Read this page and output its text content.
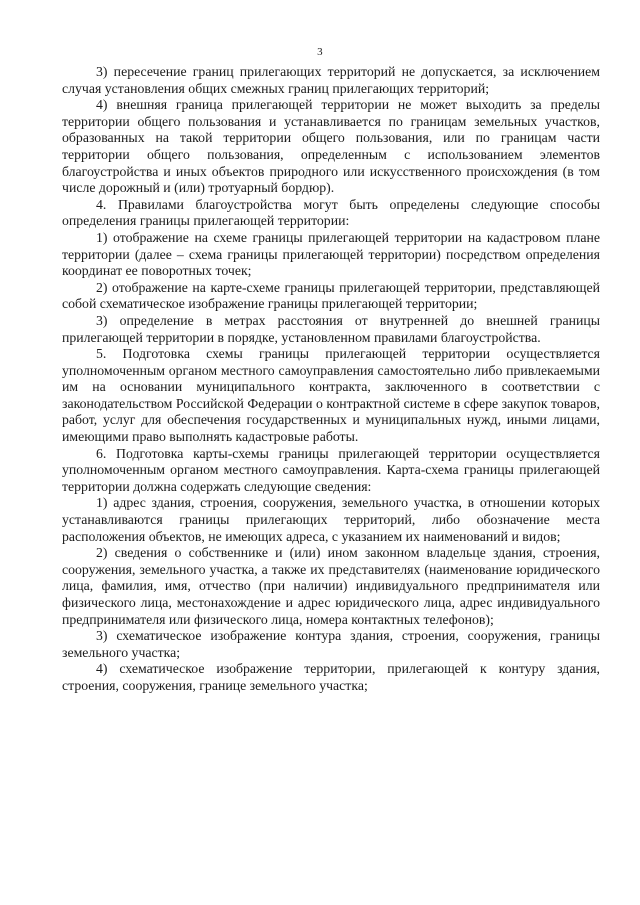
3

3) пересечение границ прилегающих территорий не допускается, за исключением случая установления общих смежных границ прилегающих территорий;

4) внешняя граница прилегающей территории не может выходить за пределы территории общего пользования и устанавливается по границам земельных участков, образованных на такой территории общего пользования, или по границам части территории общего пользования, определенным с использованием элементов благоустройства и иных объектов природного или искусственного происхождения (в том числе дорожный и (или) тротуарный бордюр).

4. Правилами благоустройства могут быть определены следующие способы определения границы прилегающей территории:

1) отображение на схеме границы прилегающей территории на кадастровом плане территории (далее – схема границы прилегающей территории) посредством определения координат ее поворотных точек;

2) отображение на карте-схеме границы прилегающей территории, представляющей собой схематическое изображение границы прилегающей территории;

3) определение в метрах расстояния от внутренней до внешней границы прилегающей территории в порядке, установленном правилами благоустройства.

5. Подготовка схемы границы прилегающей территории осуществляется уполномоченным органом местного самоуправления самостоятельно либо привлекаемыми им на основании муниципального контракта, заключенного в соответствии с законодательством Российской Федерации о контрактной системе в сфере закупок товаров, работ, услуг для обеспечения государственных и муниципальных нужд, иными лицами, имеющими право выполнять кадастровые работы.

6. Подготовка карты-схемы границы прилегающей территории осуществляется уполномоченным органом местного самоуправления. Карта-схема границы прилегающей территории должна содержать следующие сведения:

1) адрес здания, строения, сооружения, земельного участка, в отношении которых устанавливаются границы прилегающих территорий, либо обозначение места расположения объектов, не имеющих адреса, с указанием их наименований и видов;

2) сведения о собственнике и (или) ином законном владельце здания, строения, сооружения, земельного участка, а также их представителях (наименование юридического лица, фамилия, имя, отчество (при наличии) индивидуального предпринимателя или физического лица, местонахождение и адрес юридического лица, адрес индивидуального предпринимателя или физического лица, номера контактных телефонов);

3) схематическое изображение контура здания, строения, сооружения, границы земельного участка;

4) схематическое изображение территории, прилегающей к контуру здания, строения, сооружения, границе земельного участка;
